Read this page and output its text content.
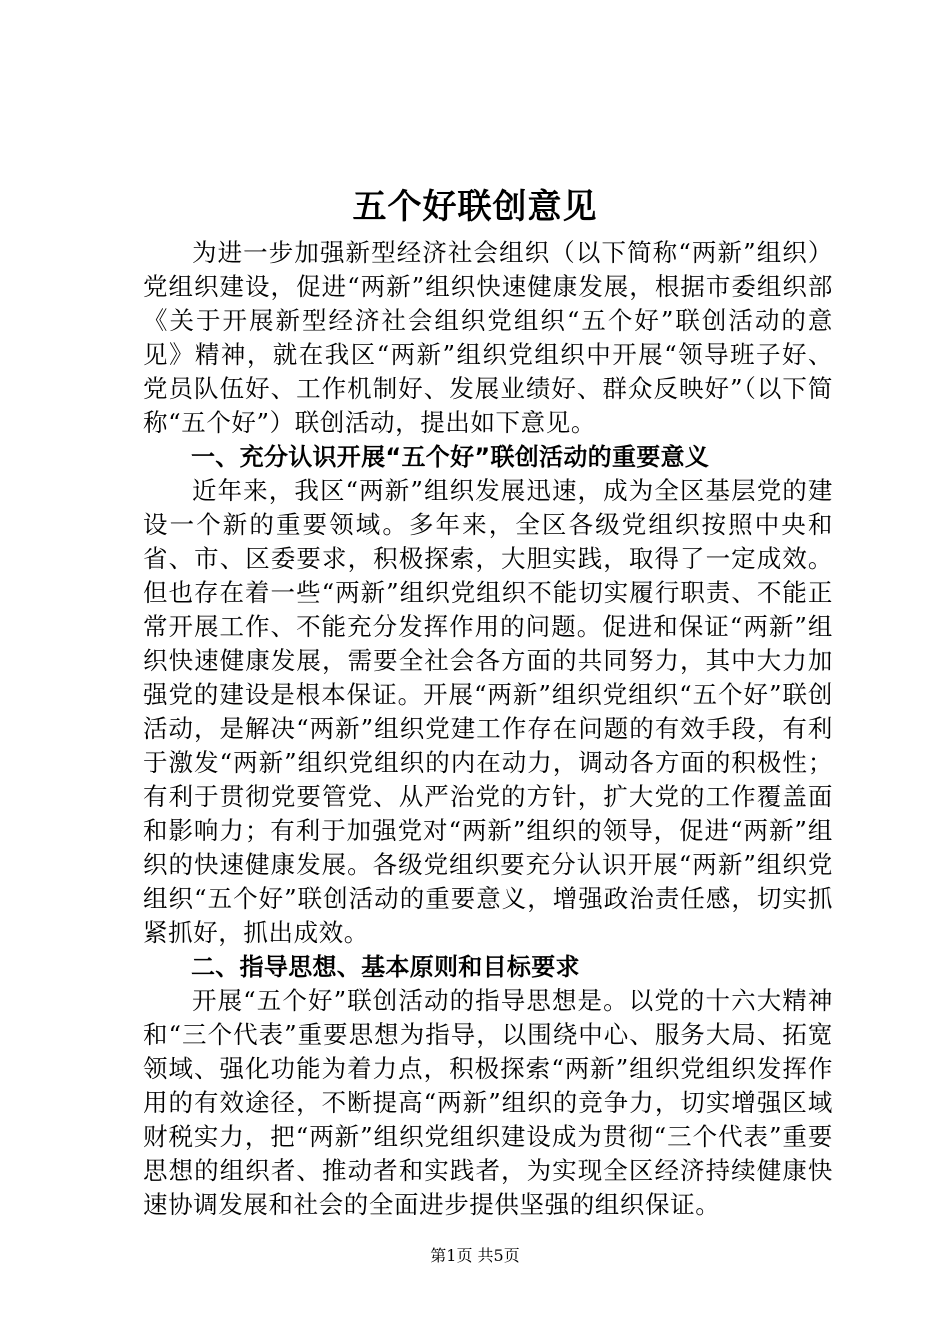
五个好联创意见

为进一步加强新型经济社会组织（以下简称“两新”组织）党组织建设，促进“两新”组织快速健康发展，根据市委组织部《关于开展新型经济社会组织党组织“五个好”联创活动的意见》精神，就在我区“两新”组织党组织中开展“领导班子好、党员队伍好、工作机制好、发展业绩好、群众反映好”（以下简称“五个好”）联创活动，提出如下意见。

一、充分认识开展“五个好”联创活动的重要意义

近年来，我区“两新”组织发展迅速，成为全区基层党的建设一个新的重要领域。多年来，全区各级党组织按照中央和省、市、区委要求，积极探索，大胆实践，取得了一定成效。但也存在着一些“两新”组织党组织不能切实履行职责、不能正常开展工作、不能充分发挥作用的问题。促进和保证“两新”组织快速健康发展，需要全社会各方面的共同努力，其中大力加强党的建设是根本保证。开展“两新”组织党组织“五个好”联创活动，是解决“两新”组织党建工作存在问题的有效手段，有利于激发“两新”组织党组织的内在动力，调动各方面的积极性；有利于贯彻党要管党、从严治党的方针，扩大党的工作覆盖面和影响力；有利于加强党对“两新”组织的领导，促进“两新”组织的快速健康发展。各级党组织要充分认识开展“两新”组织党组织“五个好”联创活动的重要意义，增强政治责任感，切实抓紧抓好，抓出成效。

二、指导思想、基本原则和目标要求

开展“五个好”联创活动的指导思想是。以党的十六大精神和“三个代表”重要思想为指导，以围绕中心、服务大局、拓宽领域、强化功能为着力点，积极探索“两新”组织党组织发挥作用的有效途径，不断提高“两新”组织的竞争力，切实增强区域财税实力，把“两新”组织党组织建设成为贯彻“三个代表”重要思想的组织者、推动者和实践者，为实现全区经济持续健康快速协调发展和社会的全面进步提供坚强的组织保证。

第1页 共5页
